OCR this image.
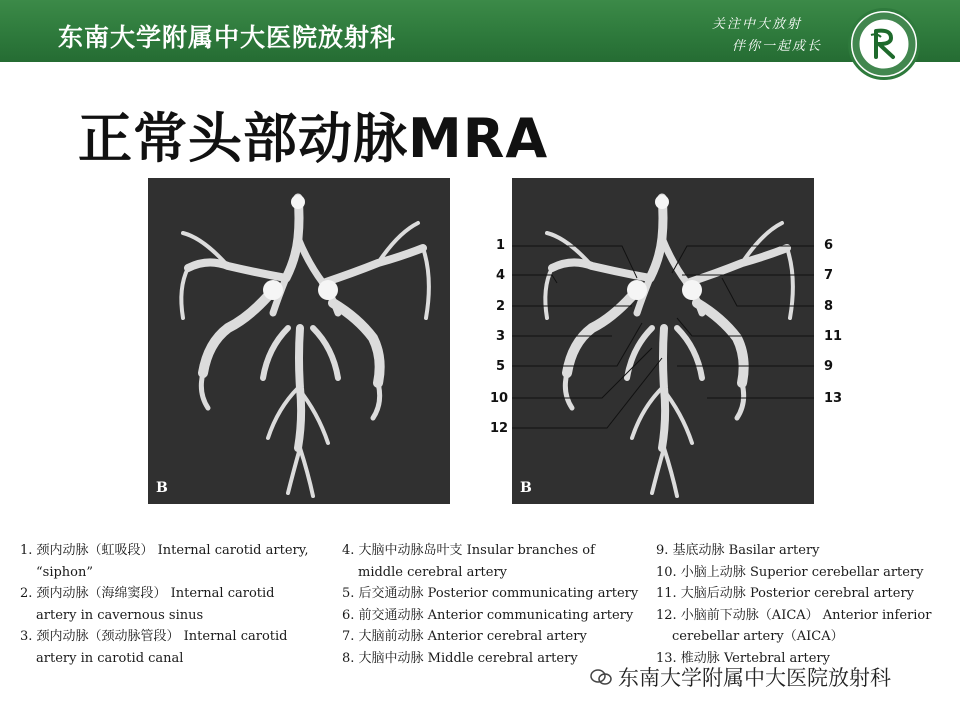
东南大学附属中大医院放射科	关注中大放射
伴你一起成长
正常头部动脉MRA
B	B
1
4
2
3
5
10
12
6
7
8
11
9
13
1. 颈内动脉（虹吸段） Internal carotid artery,
“siphon”
2. 颈内动脉（海绵窦段） Internal carotid
artery in cavernous sinus
3. 颈内动脉（颈动脉管段） Internal carotid
artery in carotid canal
4. 大脑中动脉岛叶支 Insular branches of
middle cerebral artery
5. 后交通动脉 Posterior communicating artery
6. 前交通动脉 Anterior communicating artery
7. 大脑前动脉 Anterior cerebral artery
8. 大脑中动脉 Middle cerebral artery
9. 基底动脉 Basilar artery
10. 小脑上动脉 Superior cerebellar artery
11. 大脑后动脉 Posterior cerebral artery
12. 小脑前下动脉（AICA） Anterior inferior
cerebellar artery（AICA）
13. 椎动脉 Vertebral artery
东南大学附属中大医院放射科
